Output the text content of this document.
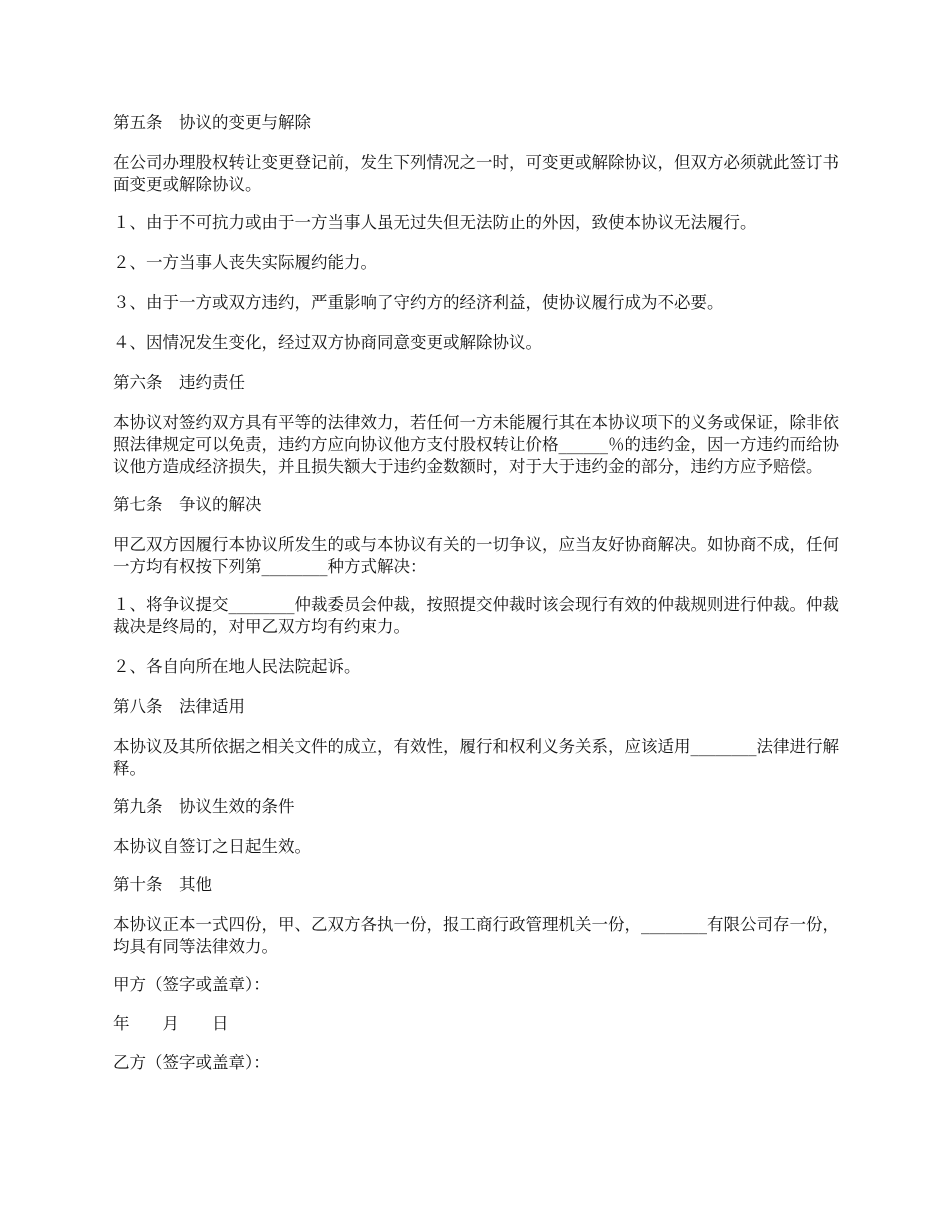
第五条　协议的变更与解除
在公司办理股权转让变更登记前，发生下列情况之一时，可变更或解除协议，但双方必须就此签订书面变更或解除协议。
１、由于不可抗力或由于一方当事人虽无过失但无法防止的外因，致使本协议无法履行。
２、一方当事人丧失实际履约能力。
３、由于一方或双方违约，严重影响了守约方的经济利益，使协议履行成为不必要。
４、因情况发生变化，经过双方协商同意变更或解除协议。
第六条　违约责任
本协议对签约双方具有平等的法律效力，若任何一方未能履行其在本协议项下的义务或保证，除非依照法律规定可以免责，违约方应向协议他方支付股权转让价格______％的违约金，因一方违约而给协议他方造成经济损失，并且损失额大于违约金数额时，对于大于违约金的部分，违约方应予赔偿。
第七条　争议的解决
甲乙双方因履行本协议所发生的或与本协议有关的一切争议，应当友好协商解决。如协商不成，任何一方均有权按下列第________种方式解决：
１、将争议提交________仲裁委员会仲裁，按照提交仲裁时该会现行有效的仲裁规则进行仲裁。仲裁裁决是终局的，对甲乙双方均有约束力。
２、各自向所在地人民法院起诉。
第八条　法律适用
本协议及其所依据之相关文件的成立，有效性，履行和权利义务关系，应该适用________法律进行解释。
第九条　协议生效的条件
本协议自签订之日起生效。
第十条　其他
本协议正本一式四份，甲、乙双方各执一份，报工商行政管理机关一份，________有限公司存一份，均具有同等法律效力。
甲方（签字或盖章）：
年　　月　　日
乙方（签字或盖章）：
